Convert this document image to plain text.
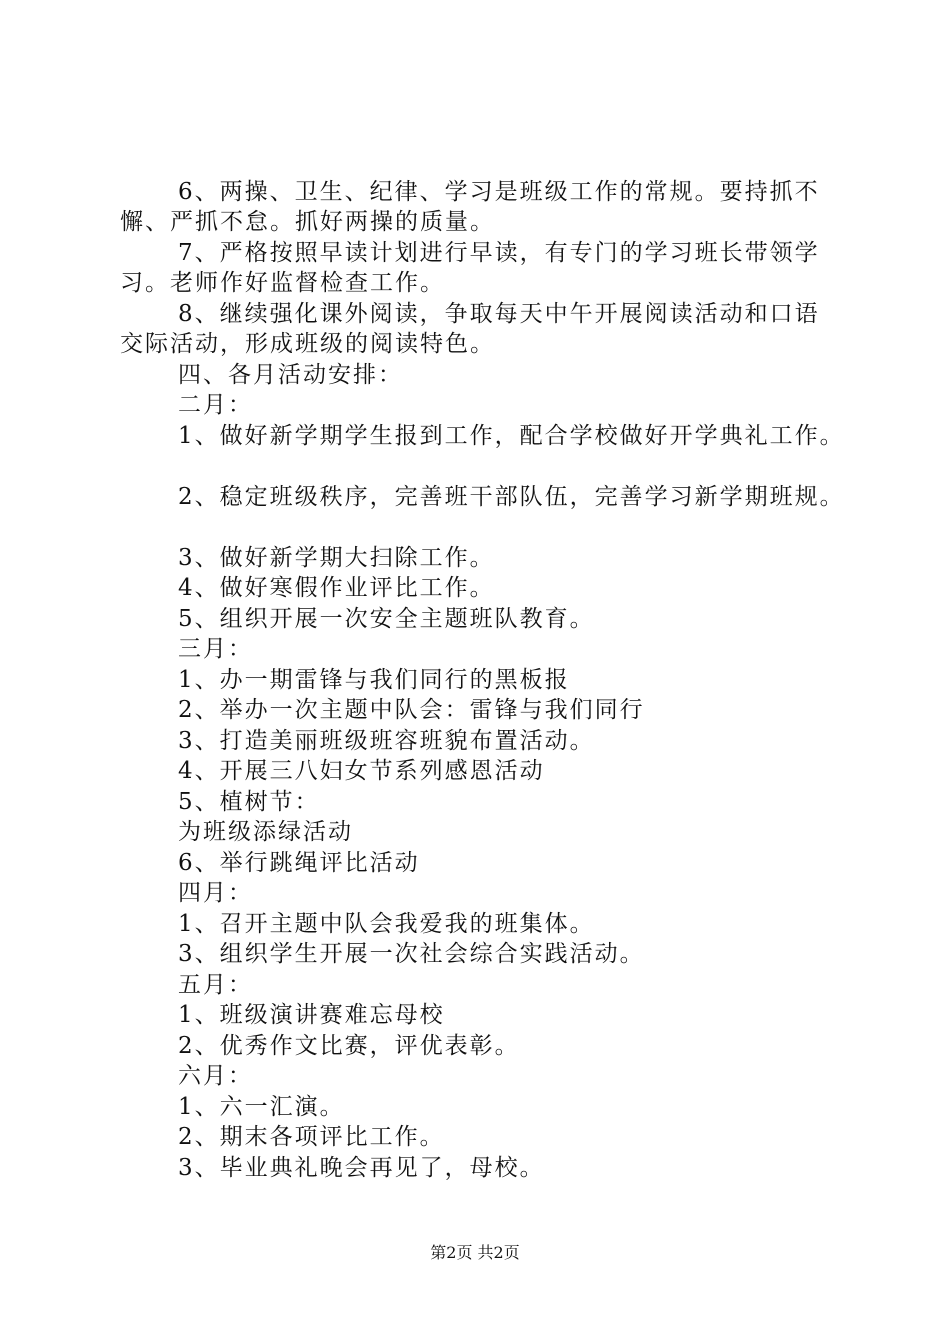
6、两操、卫生、纪律、学习是班级工作的常规。要持抓不
懈、严抓不怠。抓好两操的质量。
7、严格按照早读计划进行早读，有专门的学习班长带领学
习。老师作好监督检查工作。
8、继续强化课外阅读，争取每天中午开展阅读活动和口语
交际活动，形成班级的阅读特色。
四、各月活动安排：
二月：
1、做好新学期学生报到工作，配合学校做好开学典礼工作。
2、稳定班级秩序，完善班干部队伍，完善学习新学期班规。
3、做好新学期大扫除工作。
4、做好寒假作业评比工作。
5、组织开展一次安全主题班队教育。
三月：
1、办一期雷锋与我们同行的黑板报
2、举办一次主题中队会：雷锋与我们同行
3、打造美丽班级班容班貌布置活动。
4、开展三八妇女节系列感恩活动
5、植树节：
为班级添绿活动
6、举行跳绳评比活动
四月：
1、召开主题中队会我爱我的班集体。
3、组织学生开展一次社会综合实践活动。
五月：
1、班级演讲赛难忘母校
2、优秀作文比赛，评优表彰。
六月：
1、六一汇演。
2、期末各项评比工作。
3、毕业典礼晚会再见了，母校。
第2页 共2页
